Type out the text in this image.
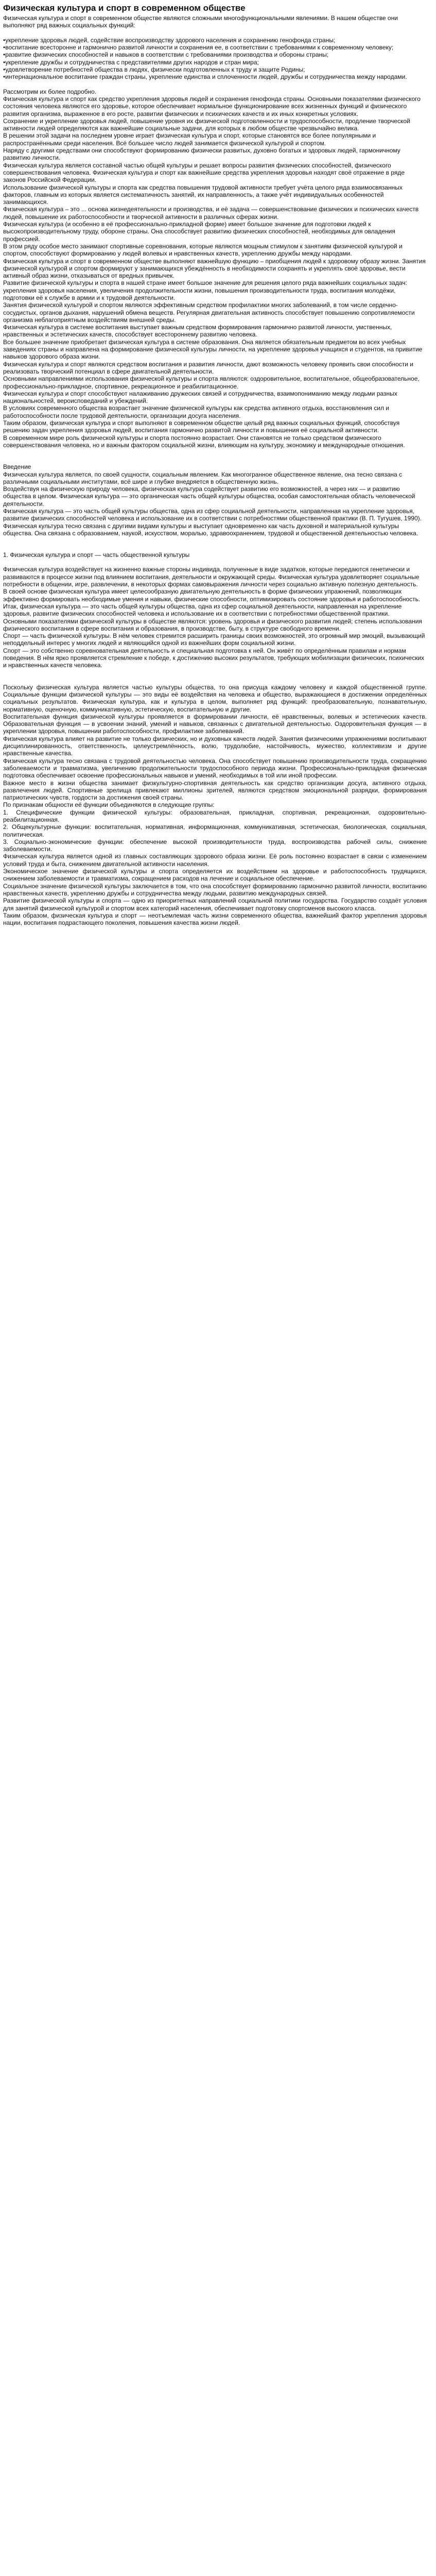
Физическая культура и спорт в современном обществе
Физическая культура и спорт в современном обществе являются сложными многофункциональными явлениями. В нашем обществе они выполняют ряд важных социальных функций:

•укрепление здоровья людей, содействие воспроизводству здорового населения и сохранению генофонда страны;
•воспитание всесторонне и гармонично развитой личности и сохранения ее, в соответствии с требованиями к современному человеку;
•развитие физических способностей и навыков в соответствии с требованиями производства и обороны страны;
•укрепление дружбы и сотрудничества с представителями других народов и стран мира;
•удовлетворение потребностей общества в людях, физически подготовленных к труду и защите Родины;
•интернациональное воспитание граждан страны, укрепление единства и сплоченности людей, дружбы и сотрудничества между народами.
Рассмотрим их более подробно.
Физическая культура и спорт как средство укрепления здоровья людей и сохранения генофонда страны. Основными показателями физического состояния человека являются его здоровье, которое обеспечивает нормальное функционирование всех жизненных функций и физического развития организма, выраженное в его росте, развитии физических и психических качеств и их иных конкретных условиях.
Сохранение и укрепление здоровья людей, повышение уровня их физической подготовленности и трудоспособности, продление творческой активности людей определяются как важнейшие социальные задачи, для которых в любом обществе чрезвычайно велика.
В решении этой задачи на последнем уровне играет физическая культура и спорт, которые становятся все более популярными и распространёнными среди населения. Всё большее число людей занимается физической культурой и спортом.
Наряду с другими средствами они способствуют формированию физически развитых, духовно богатых и здоровых людей, гармоничному развитию личности.
Физическая культура является составной частью общей культуры и решает вопросы развития физических способностей, физического совершенствования человека. Физическая культура и спорт как важнейшие средства укрепления здоровья находят своё отражение в ряде законов Российской Федерации.
Использование физической культуры и спорта как средства повышения трудовой активности требует учёта целого ряда взаимосвязанных факторов, главным из которых является систематичность занятий, их направленность, а также учёт индивидуальных особенностей занимающихся.
Физическая культура – это ... основа жизнедеятельности и производства, и её задача — совершенствование физических и психических качеств людей, повышение их работоспособности и творческой активности в различных сферах жизни.
Физическая культура (и особенно в её профессионально-прикладной форме) имеет большое значение для подготовки людей к высокопроизводительному труду, обороне страны. Она способствует развитию физических способностей, необходимых для овладения профессией.
В этом ряду особое место занимают спортивные соревнования, которые являются мощным стимулом к занятиям физической культурой и спортом, способствуют формированию у людей волевых и нравственных качеств, укреплению дружбы между народами.
Физическая культура и спорт в современном обществе выполняют важнейшую функцию – приобщения людей к здоровому образу жизни. Занятия физической культурой и спортом формируют у занимающихся убеждённость в необходимости сохранять и укреплять своё здоровье, вести активный образ жизни, отказываться от вредных привычек.
Развитие физической культуры и спорта в нашей стране имеет большое значение для решения целого ряда важнейших социальных задач: укрепления здоровья населения, увеличения продолжительности жизни, повышения производительности труда, воспитания молодёжи, подготовки её к службе в армии и к трудовой деятельности.
Занятия физической культурой и спортом являются эффективным средством профилактики многих заболеваний, в том числе сердечно-сосудистых, органов дыхания, нарушений обмена веществ. Регулярная двигательная активность способствует повышению сопротивляемости организма неблагоприятным воздействиям внешней среды.
Физическая культура в системе воспитания выступает важным средством формирования гармонично развитой личности, умственных, нравственных и эстетических качеств, способствует всестороннему развитию человека.
Все большее значение приобретает физическая культура в системе образования. Она является обязательным предметом во всех учебных заведениях страны и направлена на формирование физической культуры личности, на укрепление здоровья учащихся и студентов, на привитие навыков здорового образа жизни.
Физическая культура и спорт являются средством воспитания и развития личности, дают возможность человеку проявить свои способности и реализовать творческий потенциал в сфере двигательной деятельности.
Основными направлениями использования физической культуры и спорта являются: оздоровительное, воспитательное, общеобразовательное, профессионально-прикладное, спортивное, рекреационное и реабилитационное.
Физическая культура и спорт способствуют налаживанию дружеских связей и сотрудничества, взаимопониманию между людьми разных национальностей, вероисповеданий и убеждений.
В условиях современного общества возрастает значение физической культуры как средства активного отдыха, восстановления сил и работоспособности после трудовой деятельности, организации досуга населения.
Таким образом, физическая культура и спорт выполняют в современном обществе целый ряд важных социальных функций, способствуя решению задач укрепления здоровья людей, воспитания гармонично развитой личности и повышения её социальной активности.
В современном мире роль физической культуры и спорта постоянно возрастает. Они становятся не только средством физического совершенствования человека, но и важным фактором социальной жизни, влияющим на культуру, экономику и международные отношения.
Введение
Физическая культура является, по своей сущности, социальным явлением. Как многогранное общественное явление, она тесно связана с различными социальными институтами, всё шире и глубже внедряется в общественную жизнь.
Воздействуя на физическую природу человека, физическая культура содействует развитию его возможностей, а через них — и развитию общества в целом. Физическая культура — это органическая часть общей культуры общества, особая самостоятельная область человеческой деятельности.
Физическая культура — это часть общей культуры общества, одна из сфер социальной деятельности, направленная на укрепление здоровья, развитие физических способностей человека и использование их в соответствии с потребностями общественной практики (В. П. Тугушев, 1990).
Физическая культура тесно связана с другими видами культуры и выступает одновременно как часть духовной и материальной культуры общества. Она связана с образованием, наукой, искусством, моралью, здравоохранением, трудовой и общественной деятельностью человека.
1. Физическая культура и спорт — часть общественной культуры
Физическая культура воздействует на жизненно важные стороны индивида, полученные в виде задатков, которые передаются генетически и развиваются в процессе жизни под влиянием воспитания, деятельности и окружающей среды. Физическая культура удовлетворяет социальные потребности в общении, игре, развлечении, в некоторых формах самовыражения личности через социально активную полезную деятельность.
В своей основе физическая культура имеет целесообразную двигательную деятельность в форме физических упражнений, позволяющих эффективно формировать необходимые умения и навыки, физические способности, оптимизировать состояние здоровья и работоспособность.
Итак, физическая культура — это часть общей культуры общества, одна из сфер социальной деятельности, направленная на укрепление здоровья, развитие физических способностей человека и использование их в соответствии с потребностями общественной практики.
Основными показателями физической культуры в обществе являются: уровень здоровья и физического развития людей; степень использования физического воспитания в сфере воспитания и образования, в производстве, быту, в структуре свободного времени.
Спорт — часть физической культуры. В нём человек стремится расширить границы своих возможностей, это огромный мир эмоций, вызывающий неподдельный интерес у многих людей и являющийся одной из важнейших форм социальной жизни.
Спорт — это собственно соревновательная деятельность и специальная подготовка к ней. Он живёт по определённым правилам и нормам поведения. В нём ярко проявляется стремление к победе, к достижению высоких результатов, требующих мобилизации физических, психических и нравственных качеств человека.
Поскольку физическая культура является частью культуры общества, то она присуща каждому человеку и каждой общественной группе. Социальные функции физической культуры — это виды её воздействия на человека и общество, выражающиеся в достижении определённых социальных результатов. Физическая культура, как и культура в целом, выполняет ряд функций: преобразовательную, познавательную, нормативную, оценочную, коммуникативную, эстетическую, воспитательную и другие.
Воспитательная функция физической культуры проявляется в формировании личности, её нравственных, волевых и эстетических качеств. Образовательная функция — в усвоении знаний, умений и навыков, связанных с двигательной деятельностью. Оздоровительная функция — в укреплении здоровья, повышении работоспособности, профилактике заболеваний.
Физическая культура влияет на развитие не только физических, но и духовных качеств людей. Занятия физическими упражнениями воспитывают дисциплинированность, ответственность, целеустремлённость, волю, трудолюбие, настойчивость, мужество, коллективизм и другие нравственные качества.
Физическая культура тесно связана с трудовой деятельностью человека. Она способствует повышению производительности труда, сокращению заболеваемости и травматизма, увеличению продолжительности трудоспособного периода жизни. Профессионально-прикладная физическая подготовка обеспечивает освоение профессиональных навыков и умений, необходимых в той или иной профессии.
Важное место в жизни общества занимает физкультурно-спортивная деятельность как средство организации досуга, активного отдыха, развлечения людей. Спортивные зрелища привлекают миллионы зрителей, являются средством эмоциональной разрядки, формирования патриотических чувств, гордости за достижения своей страны.
По признакам общности её функции объединяются в следующие группы:
1. Специфические функции физической культуры: образовательная, прикладная, спортивная, рекреационная, оздоровительно-реабилитационная.
2. Общекультурные функции: воспитательная, нормативная, информационная, коммуникативная, эстетическая, биологическая, социальная, политическая.
3. Социально-экономические функции: обеспечение высокой производительности труда, воспроизводства рабочей силы, снижение заболеваемости.
Физическая культура является одной из главных составляющих здорового образа жизни. Её роль постоянно возрастает в связи с изменением условий труда и быта, снижением двигательной активности населения.
Экономическое значение физической культуры и спорта определяется их воздействием на здоровье и работоспособность трудящихся, снижением заболеваемости и травматизма, сокращением расходов на лечение и социальное обеспечение.
Социальное значение физической культуры заключается в том, что она способствует формированию гармонично развитой личности, воспитанию нравственных качеств, укреплению дружбы и сотрудничества между людьми, развитию международных связей.
Развитие физической культуры и спорта — одно из приоритетных направлений социальной политики государства. Государство создаёт условия для занятий физической культурой и спортом всех категорий населения, обеспечивает подготовку спортсменов высокого класса.
Таким образом, физическая культура и спорт — неотъемлемая часть жизни современного общества, важнейший фактор укрепления здоровья нации, воспитания подрастающего поколения, повышения качества жизни людей.
